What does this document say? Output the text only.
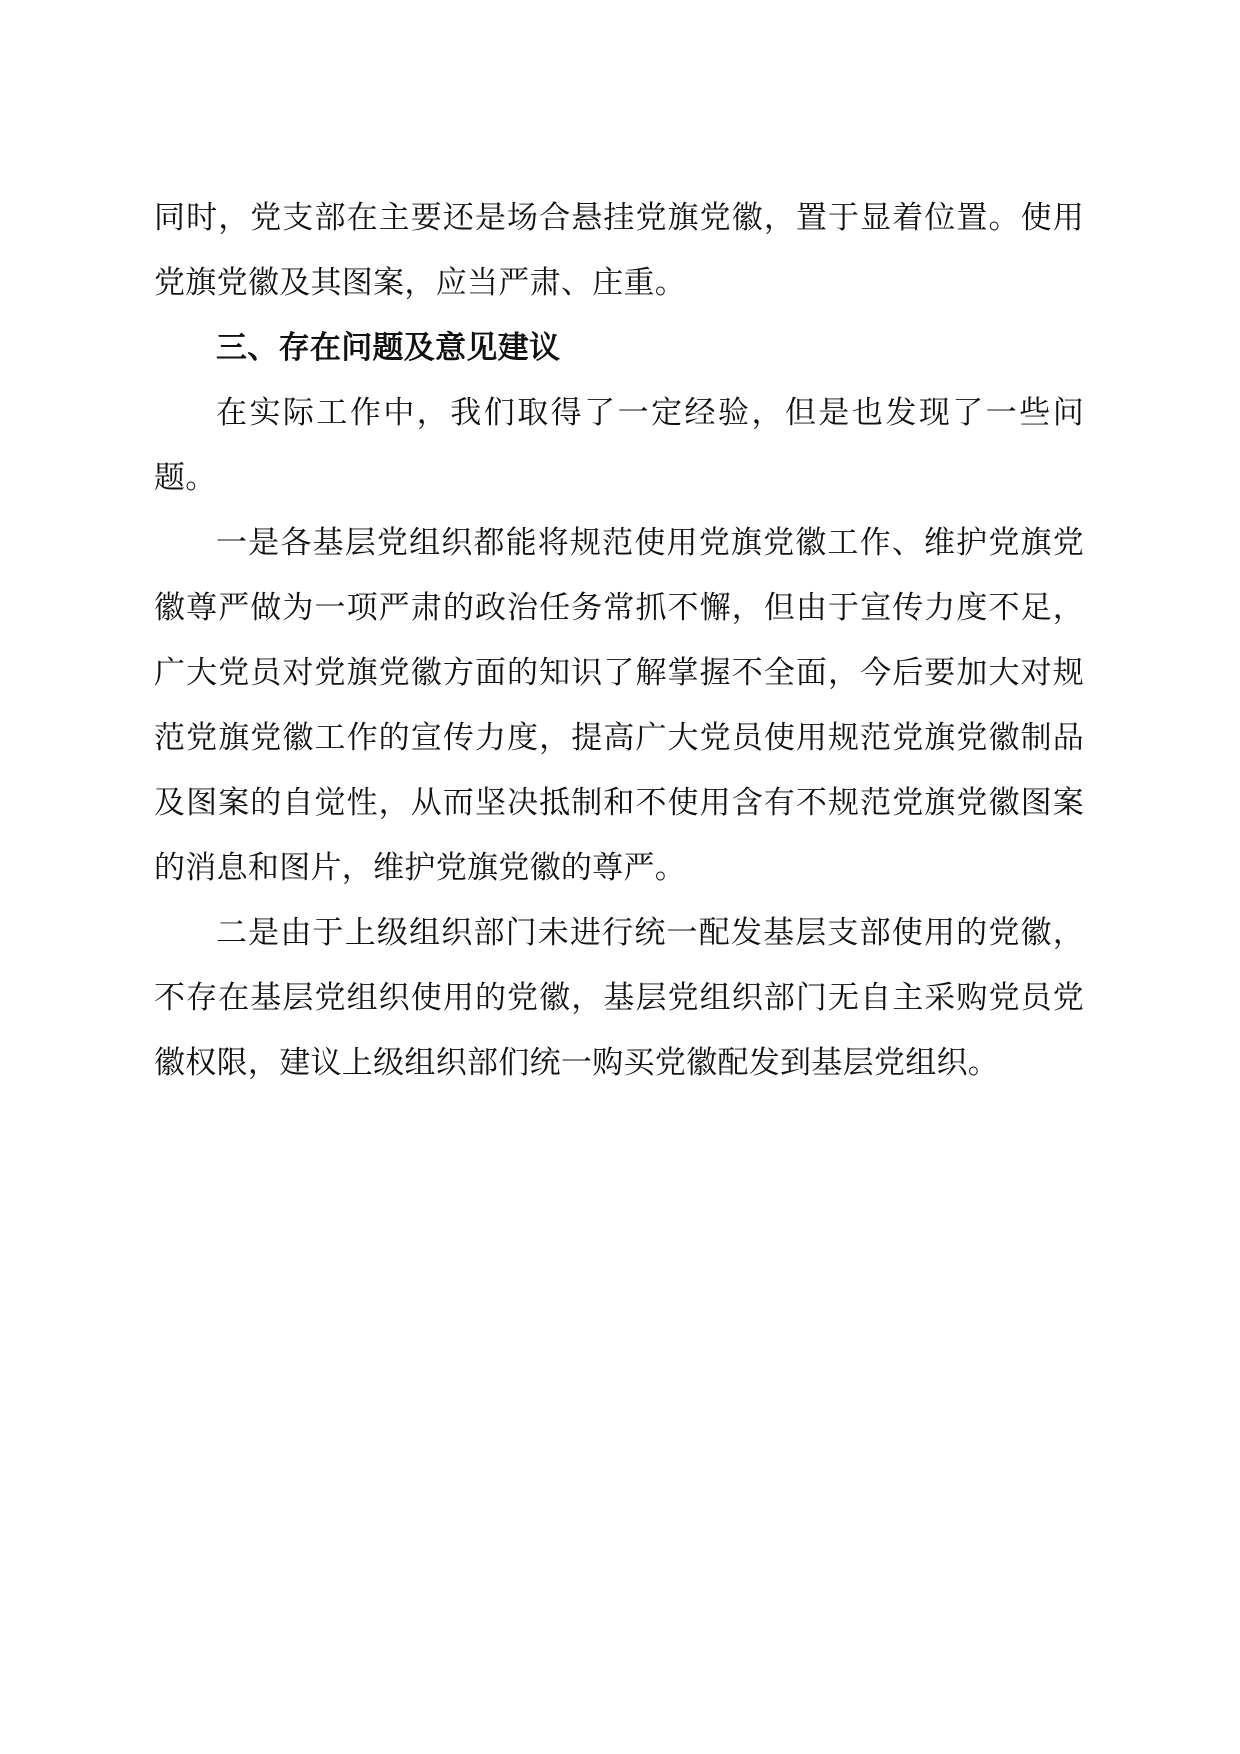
同时，党支部在主要还是场合悬挂党旗党徽，置于显着位置。使用党旗党徽及其图案，应当严肃、庄重。

三、存在问题及意见建议

在实际工作中，我们取得了一定经验，但是也发现了一些问题。

一是各基层党组织都能将规范使用党旗党徽工作、维护党旗党徽尊严做为一项严肃的政治任务常抓不懈，但由于宣传力度不足，广大党员对党旗党徽方面的知识了解掌握不全面，今后要加大对规范党旗党徽工作的宣传力度，提高广大党员使用规范党旗党徽制品及图案的自觉性，从而坚决抵制和不使用含有不规范党旗党徽图案的消息和图片，维护党旗党徽的尊严。

二是由于上级组织部门未进行统一配发基层支部使用的党徽，不存在基层党组织使用的党徽，基层党组织部门无自主采购党员党徽权限，建议上级组织部们统一购买党徽配发到基层党组织。
